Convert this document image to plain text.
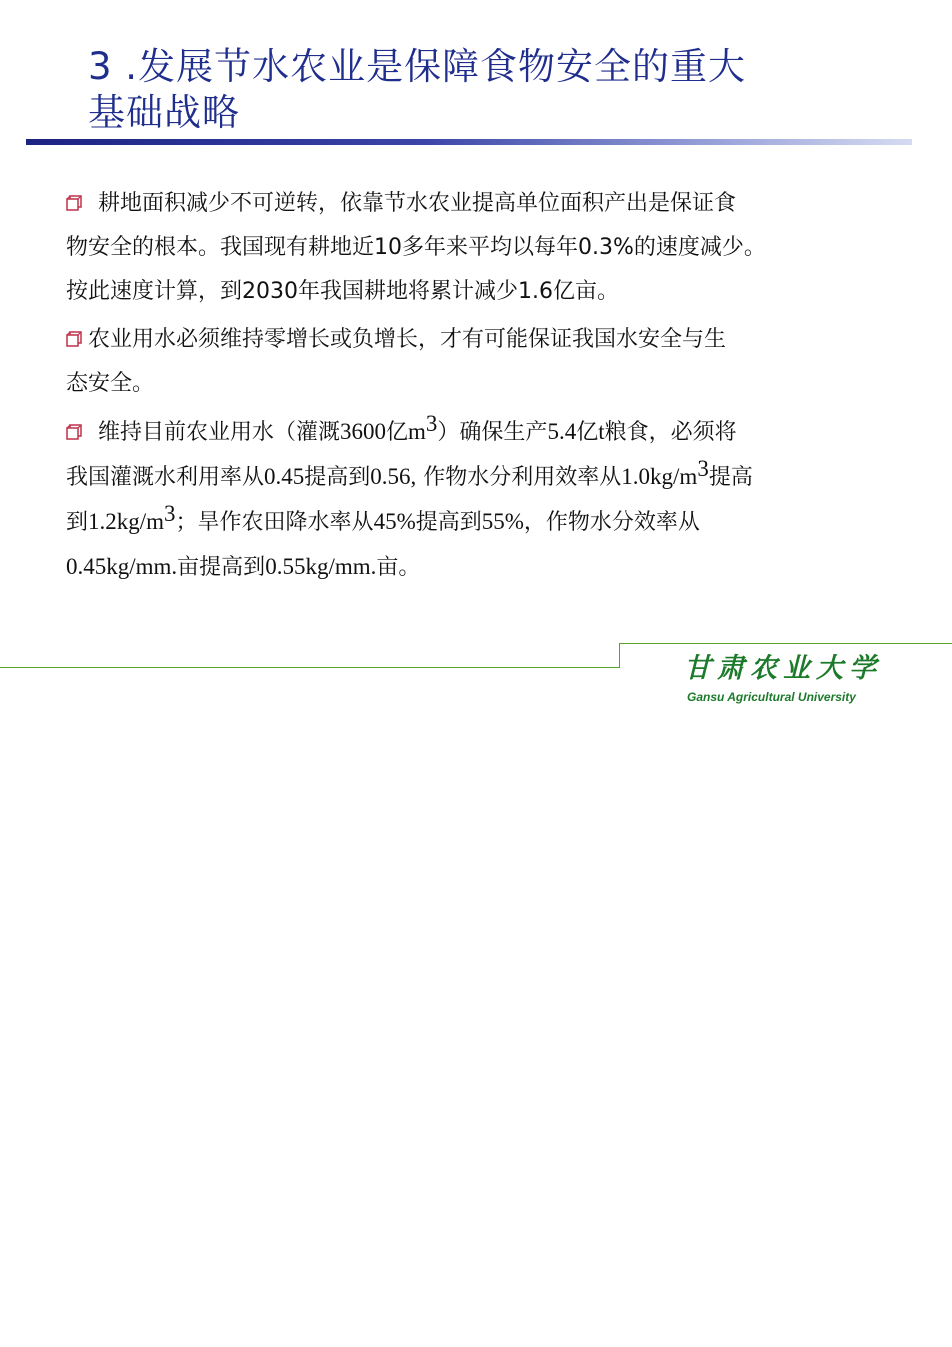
3 .发展节水农业是保障食物安全的重大
基础战略

耕地面积减少不可逆转，依靠节水农业提高单位面积产出是保证食
物安全的根本。我国现有耕地近10多年来平均以每年0.3%的速度减少。
按此速度计算，到2030年我国耕地将累计减少1.6亿亩。

农业用水必须维持零增长或负增长，才有可能保证我国水安全与生
态安全。

维持目前农业用水（灌溉3600亿$m^3$）确保生产5.4亿t粮食，必须将
我国灌溉水利用率从0.45提高到0.56, 作物水分利用效率从$1.0kg/m^3$提高
到$1.2kg/m^3$；旱作农田降水率从45%提高到55%，作物水分效率从
0.45kg/mm.亩提高到0.55kg/mm.亩。

甘肃农业大学
Gansu Agricultural University
